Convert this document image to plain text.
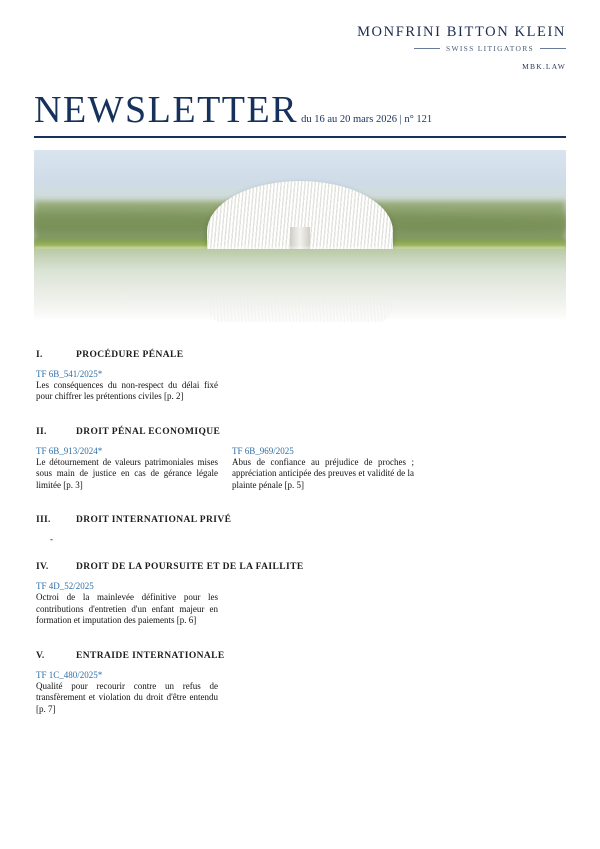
MONFRINI BITTON KLEIN
SWISS LITIGATORS
MBK.LAW
NEWSLETTER du 16 au 20 mars 2026 | n° 121
I.	PROCÉDURE PÉNALE
TF 6B_541/2025*
Les conséquences du non-respect du délai fixé pour chiffrer les prétentions civiles [p. 2]
II.	DROIT PÉNAL ECONOMIQUE
TF 6B_913/2024*
Le détournement de valeurs patrimoniales mises sous main de justice en cas de gérance légale limitée [p. 3]
TF 6B_969/2025
Abus de confiance au préjudice de proches ; appréciation anticipée des preuves et validité de la plainte pénale [p. 5]
III.	DROIT INTERNATIONAL PRIVÉ
-
IV.	DROIT DE LA POURSUITE ET DE LA FAILLITE
TF 4D_52/2025
Octroi de la mainlevée définitive pour les contributions d'entretien d'un enfant majeur en formation et imputation des paiements [p. 6]
V.	ENTRAIDE INTERNATIONALE
TF 1C_480/2025*
Qualité pour recourir contre un refus de transfèrement et violation du droit d'être entendu [p. 7]
